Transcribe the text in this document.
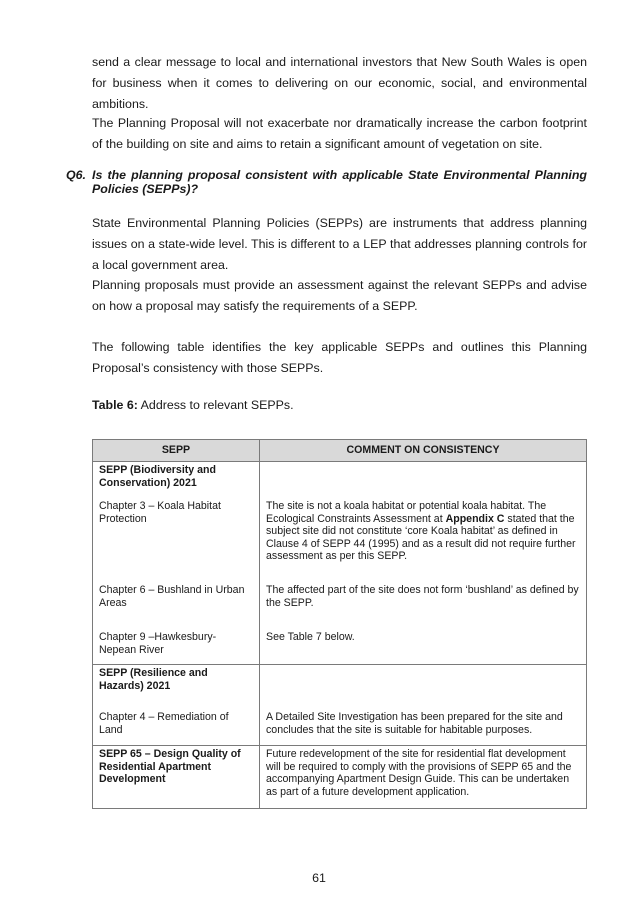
send a clear message to local and international investors that New South Wales is open for business when it comes to delivering on our economic, social, and environmental ambitions.

The Planning Proposal will not exacerbate nor dramatically increase the carbon footprint of the building on site and aims to retain a significant amount of vegetation on site.

Q6. Is the planning proposal consistent with applicable State Environmental Planning Policies (SEPPs)?

State Environmental Planning Policies (SEPPs) are instruments that address planning issues on a state-wide level. This is different to a LEP that addresses planning controls for a local government area.

Planning proposals must provide an assessment against the relevant SEPPs and advise on how a proposal may satisfy the requirements of a SEPP.

The following table identifies the key applicable SEPPs and outlines this Planning Proposal’s consistency with those SEPPs.

Table 6: Address to relevant SEPPs.
SEPP	COMMENT ON CONSISTENCY

SEPP (Biodiversity and Conservation) 2021	

Chapter 3 – Koala Habitat Protection	The site is not a koala habitat or potential koala habitat. The Ecological Constraints Assessment at Appendix C stated that the subject site did not constitute ‘core Koala habitat’ as defined in Clause 4 of SEPP 44 (1995) and as a result did not require further assessment as per this SEPP.

Chapter 6 – Bushland in Urban Areas	The affected part of the site does not form ‘bushland’ as defined by the SEPP.

Chapter 9 –Hawkesbury-Nepean River	See Table 7 below.

SEPP (Resilience and Hazards) 2021	

Chapter 4 – Remediation of Land	A Detailed Site Investigation has been prepared for the site and concludes that the site is suitable for habitable purposes.

SEPP 65 – Design Quality of Residential Apartment Development	Future redevelopment of the site for residential flat development will be required to comply with the provisions of SEPP 65 and the accompanying Apartment Design Guide. This can be undertaken as part of a future development application.
61
